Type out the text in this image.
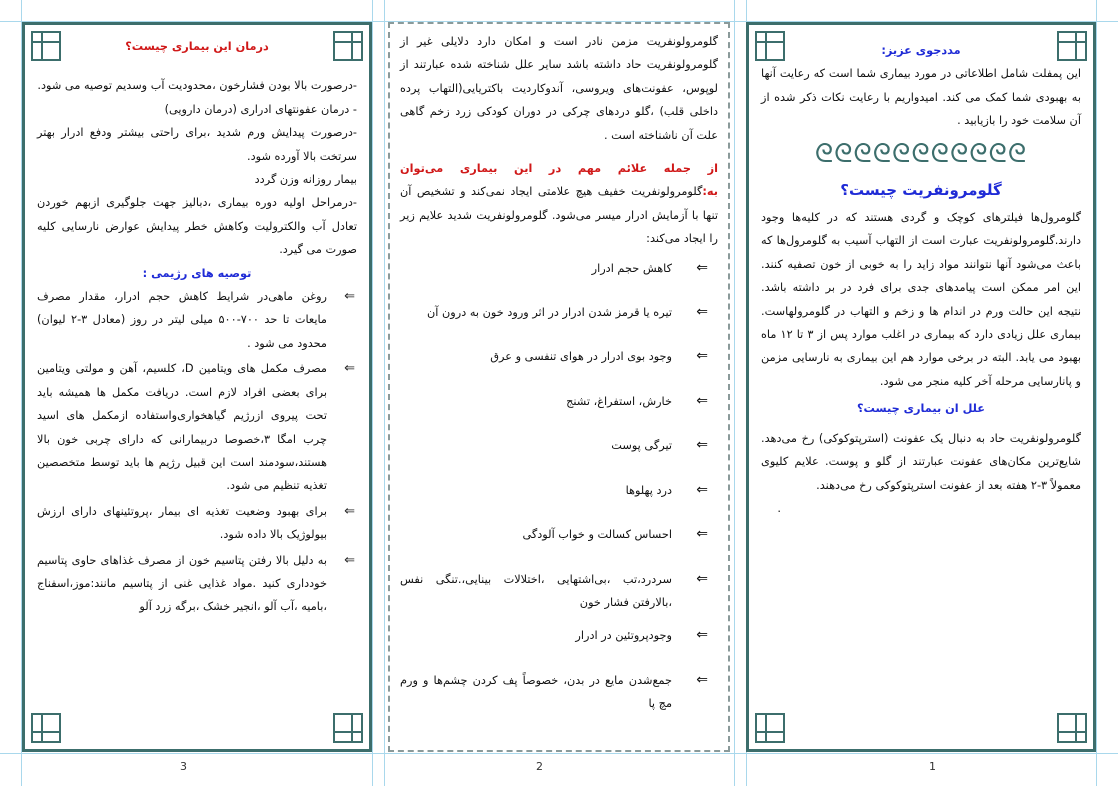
مددجوی عزیز:

این پمفلت شامل اطلاعاتی در مورد بیماری شما است که رعایت آنها به بهبودی شما کمک می کند. امیدواریم با رعایت نکات ذکر شده از آن سلامت خود را بازیابید .

ᘓᘓᘓᘓᘓᘓᘓᘓᘓᘓᘓ

گلومرونفریت چیست؟

گلومرول‌ها فیلترهای کوچک و گردی هستند که در کلیه‌ها وجود دارند.گلومرولونفریت عبارت است از التهاب آسیب به گلومرول‌ها که باعث می‌شود آنها نتوانند مواد زاید را به خوبی از خون تصفیه کنند. این امر ممکن است پیامدهای جدی برای فرد در بر داشته باشد. نتیجه این حالت ورم در اندام ها و زخم و التهاب در گلومرولهاست. بیماری علل زیادی دارد که بیماری در اغلب موارد پس از ۳ تا ۱۲ ماه بهبود می یابد. البته در برخی موارد هم این بیماری به نارسایی مزمن و پانارسایی مرحله آخر کلیه منجر می شود.

علل ان بیماری چیست؟

گلومرولونفریت حاد به دنبال یک عفونت (استرپتوکوکی) رخ می‌دهد. شایع‌ترین مکان‌های عفونت عبارتند از گلو و پوست. علایم کلیوی معمولاً ۳-۲ هفته بعد از عفونت استرپتوکوکی رخ می‌دهند.

.

گلومرولونفریت مزمن نادر است و امکان دارد دلایلی غیر از گلومرولونفریت حاد داشته باشد سایر علل شناخته شده عبارتند از لوپوس، عفونت‌های ویروسی، آندوکاردیت باکتریایی(التهاب پرده داخلی قلب) ،گلو دردهای چرکی در دوران کودکی زرد زخم گاهی علت آن ناشناخته است .

از جمله علائم مهم در این بیماری می‌توان به:گلومرولونفریت خفیف هیچ علامتی ایجاد نمی‌کند و تشخیص آن تنها با آزمایش ادرار میسر می‌شود. گلومرولونفریت شدید علایم زیر را ایجاد می‌کند:

⇐
کاهش حجم ادرار
⇐
تیره یا قرمز شدن ادرار در اثر ورود خون به درون آن
⇐
وجود بوی ادرار در هوای تنفسی و عرق
⇐
خارش، استفراغ، تشنج
⇐
تیرگی پوست
⇐
درد پهلوها
⇐
احساس کسالت و خواب آلودگی
⇐
سردرد،تب ،بی‌اشتهایی ،اختلالات بینایی،.تنگی نفس ،بالارفتن فشار خون
⇐
وجودپروتئین در ادرار
⇐
جمع‌شدن مایع در بدن، خصوصاً پف کردن چشم‌ها و ورم مچ پا

درمان این بیماری چیست؟

-درصورت بالا بودن فشارخون ،محدودیت آب وسدیم توصیه می شود.

- درمان عفونتهای ادراری (درمان دارویی)

-درصورت پیدایش ورم شدید ،برای راحتی بیشتر ودفع ادرار بهتر سرتخت بالا آورده شود.

بیمار روزانه وزن گردد

-درمراحل اولیه دوره بیماری ،دبالیز جهت جلوگیری ازبهم خوردن تعادل آب والکترولیت وکاهش خطر پیدایش عوارض نارسایی کلیه صورت می گیرد.

توصیه های رژیمی :

⇐
روغن ماهی‌در شرایط کاهش حجم ادرار، مقدار مصرف مایعات تا حد ۷۰۰-۵۰۰ میلی لیتر در روز (معادل ۳-۲ لیوان) محدود می شود .
⇐
مصرف مکمل های ویتامین D، کلسیم، آهن و مولتی ویتامین برای بعضی افراد لازم است. دریافت مکمل ها همیشه باید تحت پیروی ازرژیم گیاهخواری‌واستفاده ازمکمل های اسید چرب امگا ۳،خصوصا دربیمارانی که دارای چربی خون بالا هستند،سودمند است این قبیل رژیم ها باید توسط متخصصین تغذیه تنظیم می شود.
⇐
برای بهبود وضعیت تغذیه ای بیمار ،پروتئینهای دارای ارزش بیولوژیک بالا داده شود.
⇐
به دلیل بالا رفتن پتاسیم خون از مصرف غذاهای حاوی پتاسیم خودداری کنید .مواد غذایی غنی از پتاسیم مانند:موز،اسفناج ،بامیه ،آب آلو ،انجیر خشک ،برگه زرد آلو
1
2
3
